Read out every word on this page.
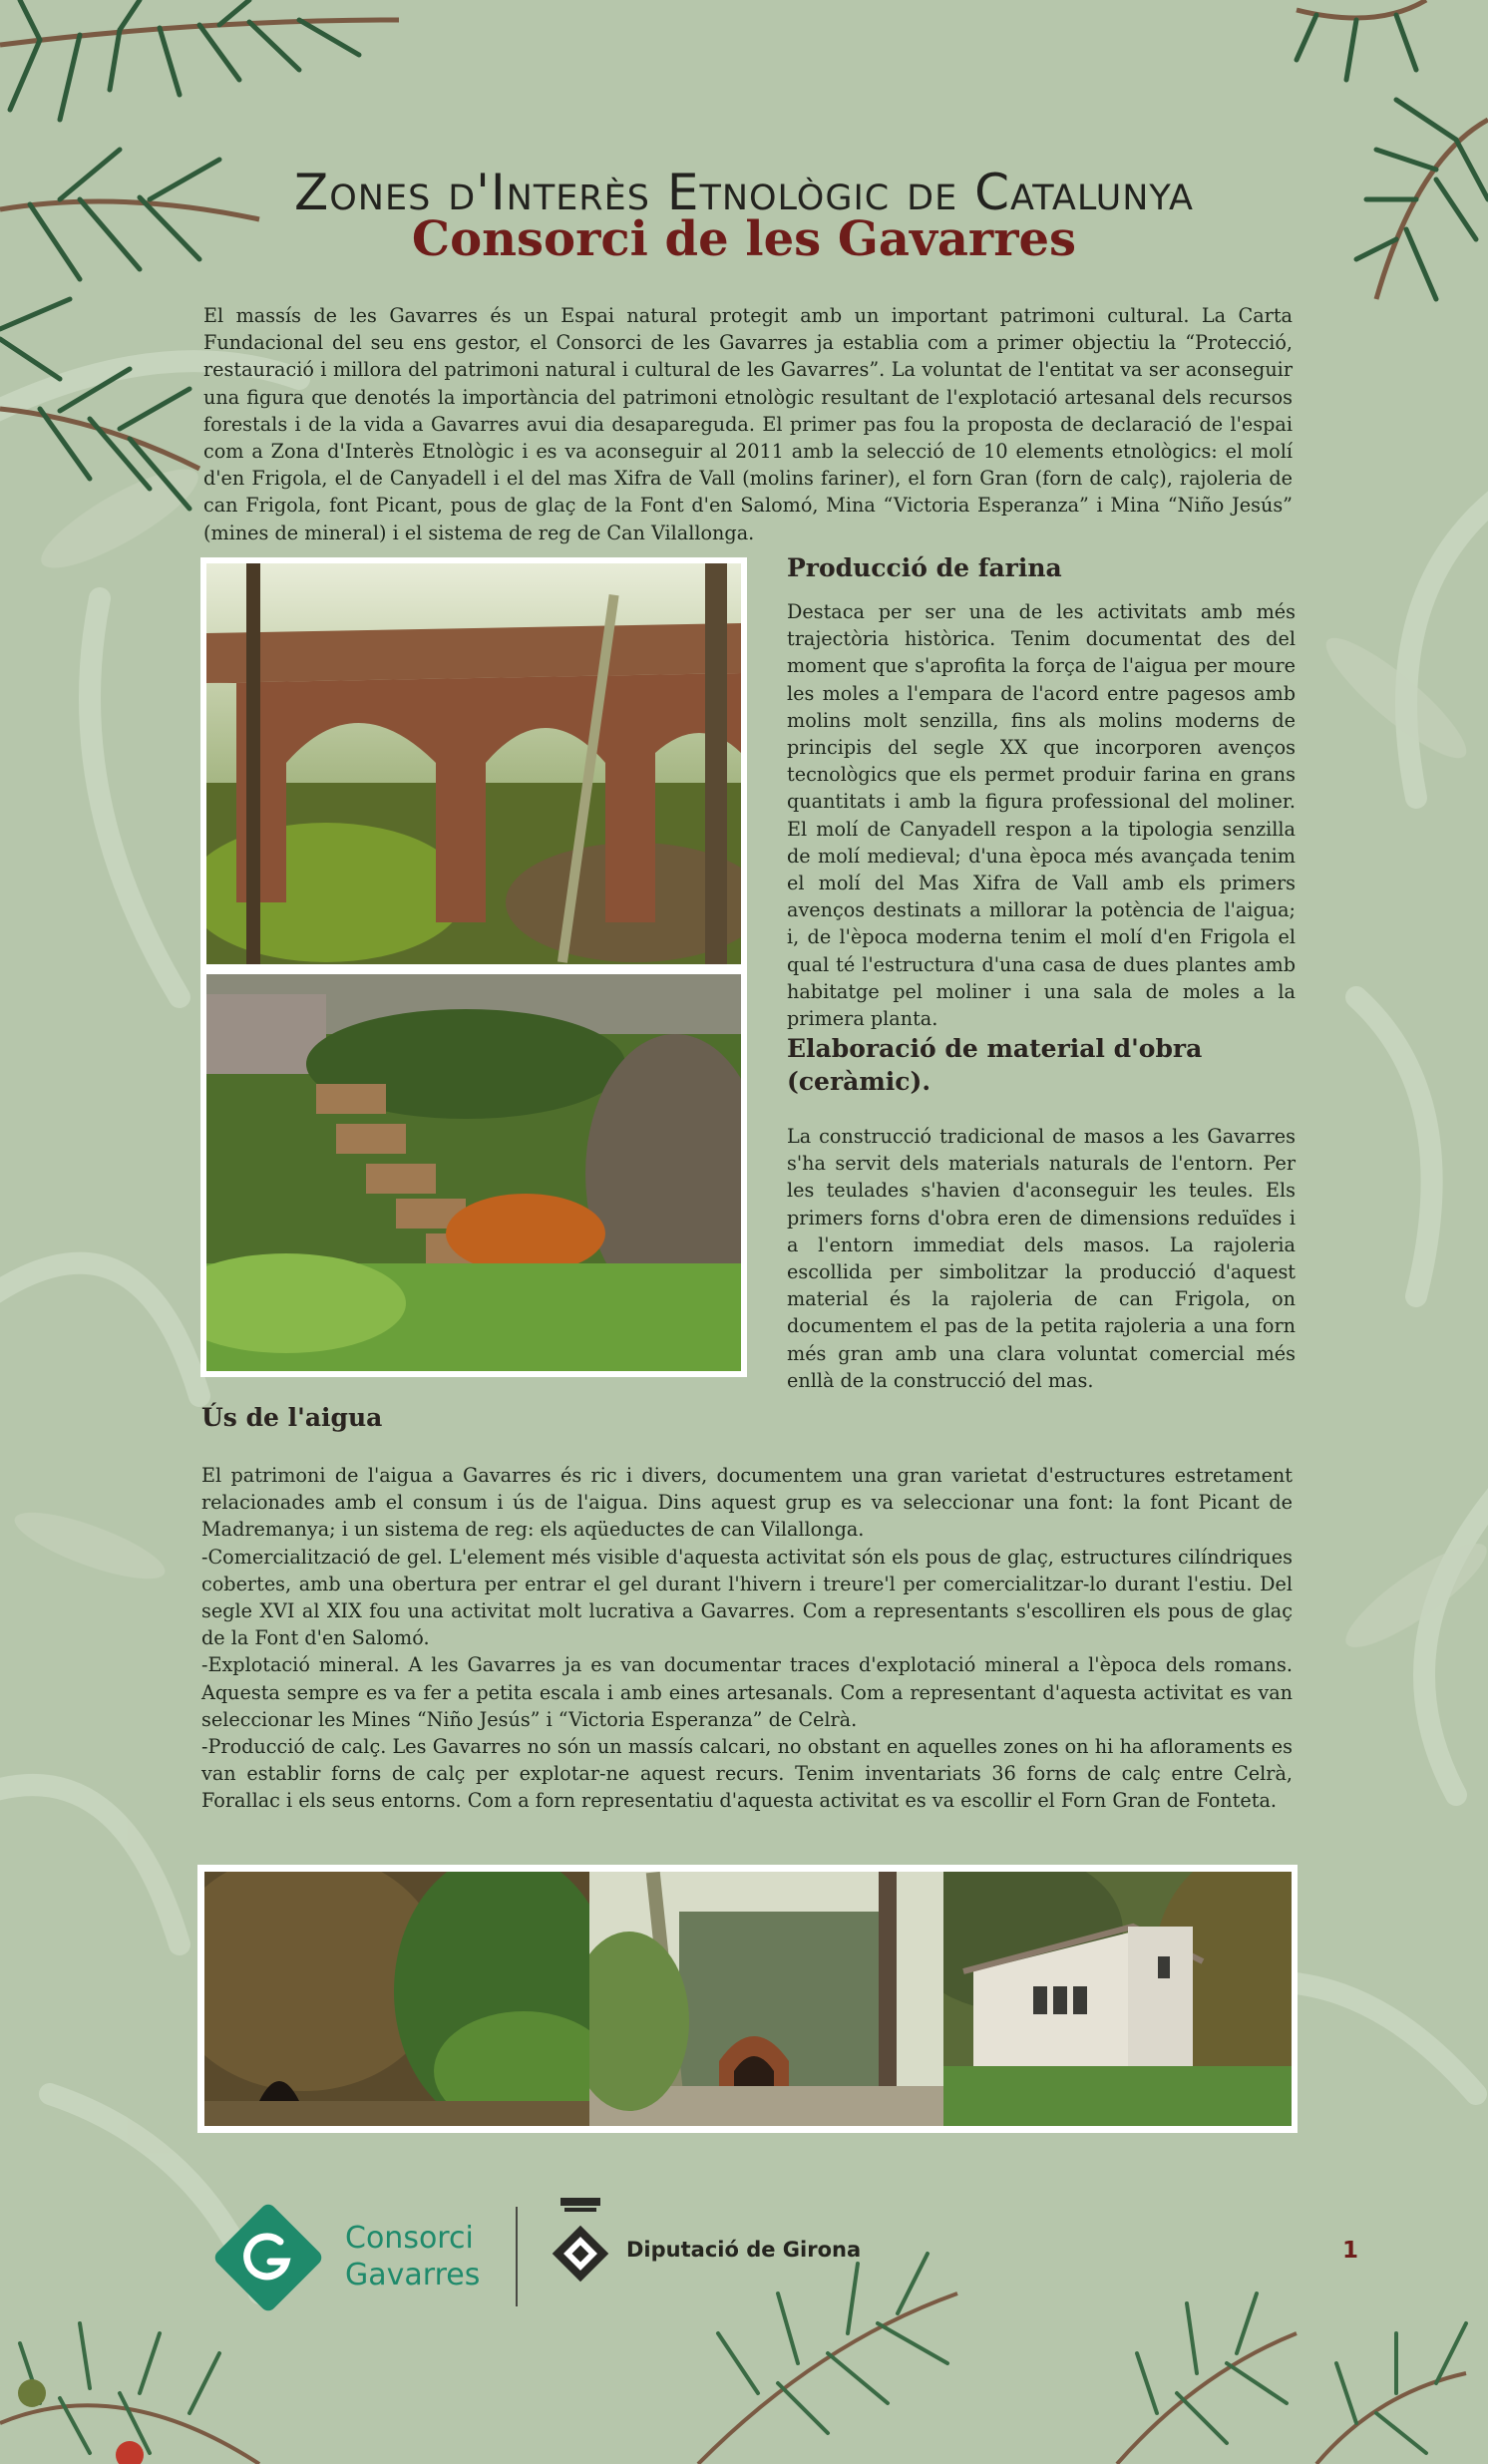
Zones d'Interès Etnològic de Catalunya
Consorci de les Gavarres

El massís de les Gavarres és un Espai natural protegit amb un important patrimoni cultural. La Carta Fundacional del seu ens gestor, el Consorci de les Gavarres ja establia com a primer objectiu la “Protecció, restauració i millora del patrimoni natural i cultural de les Gavarres”. La voluntat de l'entitat va ser aconseguir una figura que denotés la importància del patrimoni etnològic resultant de l'explotació artesanal dels recursos forestals i de la vida a Gavarres avui dia desapareguda. El primer pas fou la proposta de declaració de l'espai com a Zona d'Interès Etnològic i es va aconseguir al 2011 amb la selecció de 10 elements etnològics: el molí d'en Frigola, el de Canyadell i el del mas Xifra de Vall (molins fariner), el forn Gran (forn de calç), rajoleria de can Frigola, font Picant, pous de glaç de la Font d'en Salomó, Mina “Victoria Esperanza” i Mina “Niño Jesús” (mines de mineral) i el sistema de reg de Can Vilallonga.

Producció de farina

Destaca per ser una de les activitats amb més trajectòria històrica. Tenim documentat des del moment que s'aprofita la força de l'aigua per moure les moles a l'empara de l'acord entre pagesos amb molins molt senzilla, fins als molins moderns de principis del segle XX que incorporen avenços tecnològics que els permet produir farina en grans quantitats i amb la figura professional del moliner. El molí de Canyadell respon a la tipologia senzilla de molí medieval; d'una època més avançada tenim el molí del Mas Xifra de Vall amb els primers avenços destinats a millorar la potència de l'aigua; i, de l'època moderna tenim el molí d'en Frigola el qual té l'estructura d'una casa de dues plantes amb habitatge pel moliner i una sala de moles a la primera planta.

Elaboració de material d'obra (ceràmic).

La construcció tradicional de masos a les Gavarres s'ha servit dels materials naturals de l'entorn. Per les teulades s'havien d'aconseguir les teules. Els primers forns d'obra eren de dimensions reduïdes i a l'entorn immediat dels masos. La rajoleria escollida per simbolitzar la producció d'aquest material és la rajoleria de can Frigola, on documentem el pas de la petita rajoleria a una forn més gran amb una clara voluntat comercial més enllà de la construcció del mas.

Ús de l'aigua
El patrimoni de l'aigua a Gavarres és ric i divers, documentem una gran varietat d'estructures estretament relacionades amb el consum i ús de l'aigua. Dins aquest grup es va seleccionar una font: la font Picant de Madremanya; i un sistema de reg: els aqüeductes de can Vilallonga.
-Comercialització de gel. L'element més visible d'aquesta activitat són els pous de glaç, estructures cilíndriques cobertes, amb una obertura per entrar el gel durant l'hivern i treure'l per comercialitzar-lo durant l'estiu. Del segle XVI al XIX fou una activitat molt lucrativa a Gavarres. Com a representants s'escolliren els pous de glaç de la Font d'en Salomó.
-Explotació mineral. A les Gavarres ja es van documentar traces d'explotació mineral a l'època dels romans. Aquesta sempre es va fer a petita escala i amb eines artesanals. Com a representant d'aquesta activitat es van seleccionar les Mines “Niño Jesús” i “Victoria Esperanza” de Celrà.
-Producció de calç. Les Gavarres no són un massís calcari, no obstant en aquelles zones on hi ha afloraments es van establir forns de calç per explotar-ne aquest recurs. Tenim inventariats 36 forns de calç entre Celrà, Forallac i els seus entorns. Com a forn representatiu d'aquesta activitat es va escollir el Forn Gran de Fonteta.
Consorci
Gavarres
Diputació de Girona	1
